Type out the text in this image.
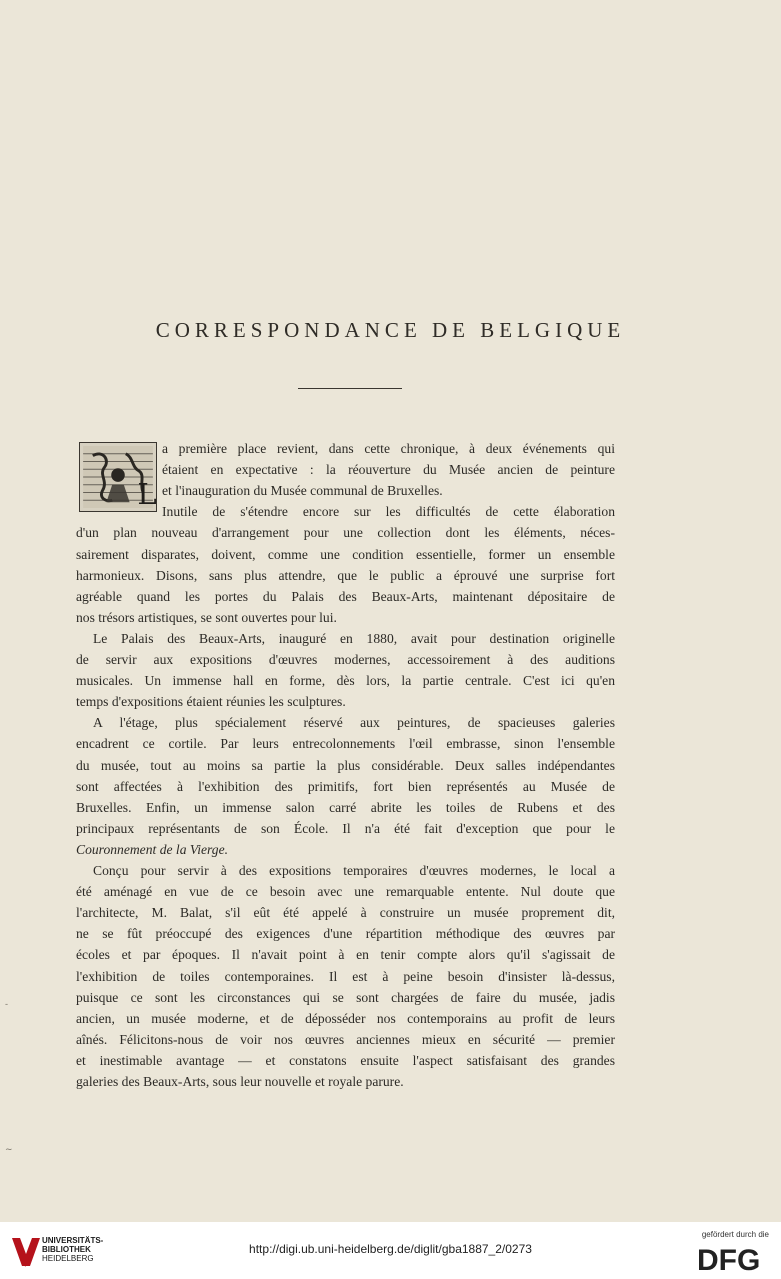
CORRESPONDANCE DE BELGIQUE
L
a première place revient, dans cette chronique, à deux événements qui
étaient en expectative : la réouverture du Musée ancien de peinture
et l'inauguration du Musée communal de Bruxelles.
Inutile de s'étendre encore sur les difficultés de cette élaboration
d'un plan nouveau d'arrangement pour une collection dont les éléments, néces-
sairement disparates, doivent, comme une condition essentielle, former un ensemble
harmonieux. Disons, sans plus attendre, que le public a éprouvé une surprise fort
agréable quand les portes du Palais des Beaux-Arts, maintenant dépositaire de
nos trésors artistiques, se sont ouvertes pour lui.
Le Palais des Beaux-Arts, inauguré en 1880, avait pour destination originelle
de servir aux expositions d'œuvres modernes, accessoirement à des auditions
musicales. Un immense hall en forme, dès lors, la partie centrale. C'est ici qu'en
temps d'expositions étaient réunies les sculptures.
A l'étage, plus spécialement réservé aux peintures, de spacieuses galeries
encadrent ce cortile. Par leurs entrecolonnements l'œil embrasse, sinon l'ensemble
du musée, tout au moins sa partie la plus considérable. Deux salles indépendantes
sont affectées à l'exhibition des primitifs, fort bien représentés au Musée de
Bruxelles. Enfin, un immense salon carré abrite les toiles de Rubens et des
principaux représentants de son École. Il n'a été fait d'exception que pour le
Couronnement de la Vierge.
Conçu pour servir à des expositions temporaires d'œuvres modernes, le local a
été aménagé en vue de ce besoin avec une remarquable entente. Nul doute que
l'architecte, M. Balat, s'il eût été appelé à construire un musée proprement dit,
ne se fût préoccupé des exigences d'une répartition méthodique des œuvres par
écoles et par époques. Il n'avait point à en tenir compte alors qu'il s'agissait de
l'exhibition de toiles contemporaines. Il est à peine besoin d'insister là-dessus,
puisque ce sont les circonstances qui se sont chargées de faire du musée, jadis
ancien, un musée moderne, et de déposséder nos contemporains au profit de leurs
aînés. Félicitons-nous de voir nos œuvres anciennes mieux en sécurité — premier
et inestimable avantage — et constatons ensuite l'aspect satisfaisant des grandes
galeries des Beaux-Arts, sous leur nouvelle et royale parure.
-
~
UNIVERSITÄTS-
BIBLIOTHEK
HEIDELBERG
http://digi.ub.uni-heidelberg.de/diglit/gba1887_2/0273
gefördert durch die
DFG
